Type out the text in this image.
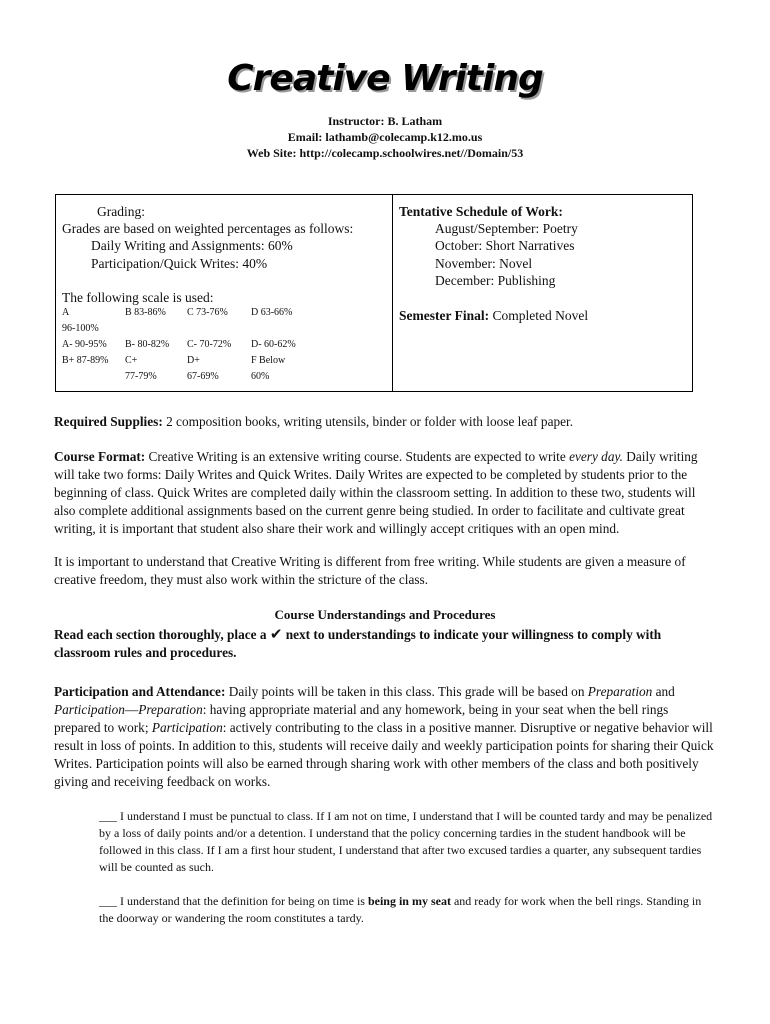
Creative Writing
Instructor: B. Latham
Email: lathamb@colecamp.k12.mo.us
Web Site: http://colecamp.schoolwires.net//Domain/53
Grading:
Grades are based on weighted percentages as follows:
Daily Writing and Assignments: 60%
Participation/Quick Writes: 40%
The following scale is used:
A
96-100%
A- 90-95%
B+ 87-89%
B 83-86%
B- 80-82%
C+
77-79%
C 73-76%
C- 70-72%
D+
67-69%
D 63-66%
D- 60-62%
F Below
60%
Tentative Schedule of Work:
August/September: Poetry
October: Short Narratives
November: Novel
December: Publishing
Semester Final: Completed Novel

Required Supplies: 2 composition books, writing utensils, binder or folder with loose leaf paper.

Course Format: Creative Writing is an extensive writing course. Students are expected to write every day. Daily writing will take two forms: Daily Writes and Quick Writes. Daily Writes are expected to be completed by students prior to the beginning of class. Quick Writes are completed daily within the classroom setting. In addition to these two, students will also complete additional assignments based on the current genre being studied. In order to facilitate and cultivate great writing, it is important that student also share their work and willingly accept critiques with an open mind.

It is important to understand that Creative Writing is different from free writing. While students are given a measure of creative freedom, they must also work within the stricture of the class.

Course Understandings and Procedures

Read each section thoroughly, place a ✔ next to understandings to indicate your willingness to comply with classroom rules and procedures.

Participation and Attendance: Daily points will be taken in this class. This grade will be based on Preparation and Participation—Preparation: having appropriate material and any homework, being in your seat when the bell rings prepared to work; Participation: actively contributing to the class in a positive manner. Disruptive or negative behavior will result in loss of points. In addition to this, students will receive daily and weekly participation points for sharing their Quick Writes. Participation points will also be earned through sharing work with other members of the class and both positively giving and receiving feedback on works.

___ I understand I must be punctual to class. If I am not on time, I understand that I will be counted tardy and may be penalized by a loss of daily points and/or a detention. I understand that the policy concerning tardies in the student handbook will be followed in this class. If I am a first hour student, I understand that after two excused tardies a quarter, any subsequent tardies will be counted as such.

___ I understand that the definition for being on time is being in my seat and ready for work when the bell rings. Standing in the doorway or wandering the room constitutes a tardy.
